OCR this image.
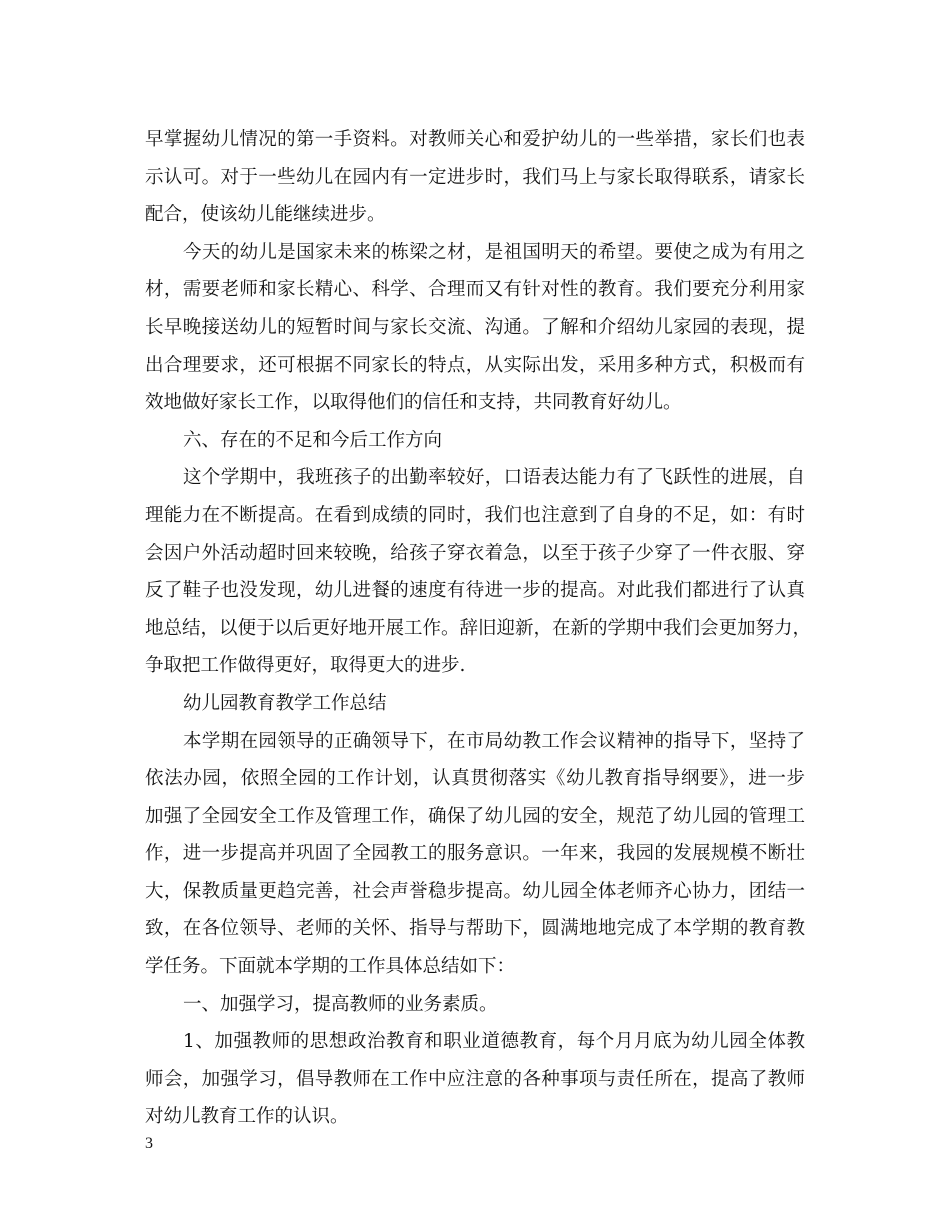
早掌握幼儿情况的第一手资料。对教师关心和爱护幼儿的一些举措，家长们也表
示认可。对于一些幼儿在园内有一定进步时，我们马上与家长取得联系，请家长
配合，使该幼儿能继续进步。
今天的幼儿是国家未来的栋梁之材，是祖国明天的希望。要使之成为有用之
材，需要老师和家长精心、科学、合理而又有针对性的教育。我们要充分利用家
长早晚接送幼儿的短暂时间与家长交流、沟通。了解和介绍幼儿家园的表现，提
出合理要求，还可根据不同家长的特点，从实际出发，采用多种方式，积极而有
效地做好家长工作，以取得他们的信任和支持，共同教育好幼儿。
六、存在的不足和今后工作方向
这个学期中，我班孩子的出勤率较好，口语表达能力有了飞跃性的进展，自
理能力在不断提高。在看到成绩的同时，我们也注意到了自身的不足，如：有时
会因户外活动超时回来较晚，给孩子穿衣着急，以至于孩子少穿了一件衣服、穿
反了鞋子也没发现，幼儿进餐的速度有待进一步的提高。对此我们都进行了认真
地总结，以便于以后更好地开展工作。辞旧迎新，在新的学期中我们会更加努力，
争取把工作做得更好，取得更大的进步.
幼儿园教育教学工作总结
本学期在园领导的正确领导下，在市局幼教工作会议精神的指导下，坚持了
依法办园，依照全园的工作计划，认真贯彻落实《幼儿教育指导纲要》，进一步
加强了全园安全工作及管理工作，确保了幼儿园的安全，规范了幼儿园的管理工
作，进一步提高并巩固了全园教工的服务意识。一年来，我园的发展规模不断壮
大，保教质量更趋完善，社会声誉稳步提高。幼儿园全体老师齐心协力，团结一
致，在各位领导、老师的关怀、指导与帮助下，圆满地地完成了本学期的教育教
学任务。下面就本学期的工作具体总结如下：
一、加强学习，提高教师的业务素质。
1、加强教师的思想政治教育和职业道德教育，每个月月底为幼儿园全体教
师会，加强学习，倡导教师在工作中应注意的各种事项与责任所在，提高了教师
对幼儿教育工作的认识。
3
